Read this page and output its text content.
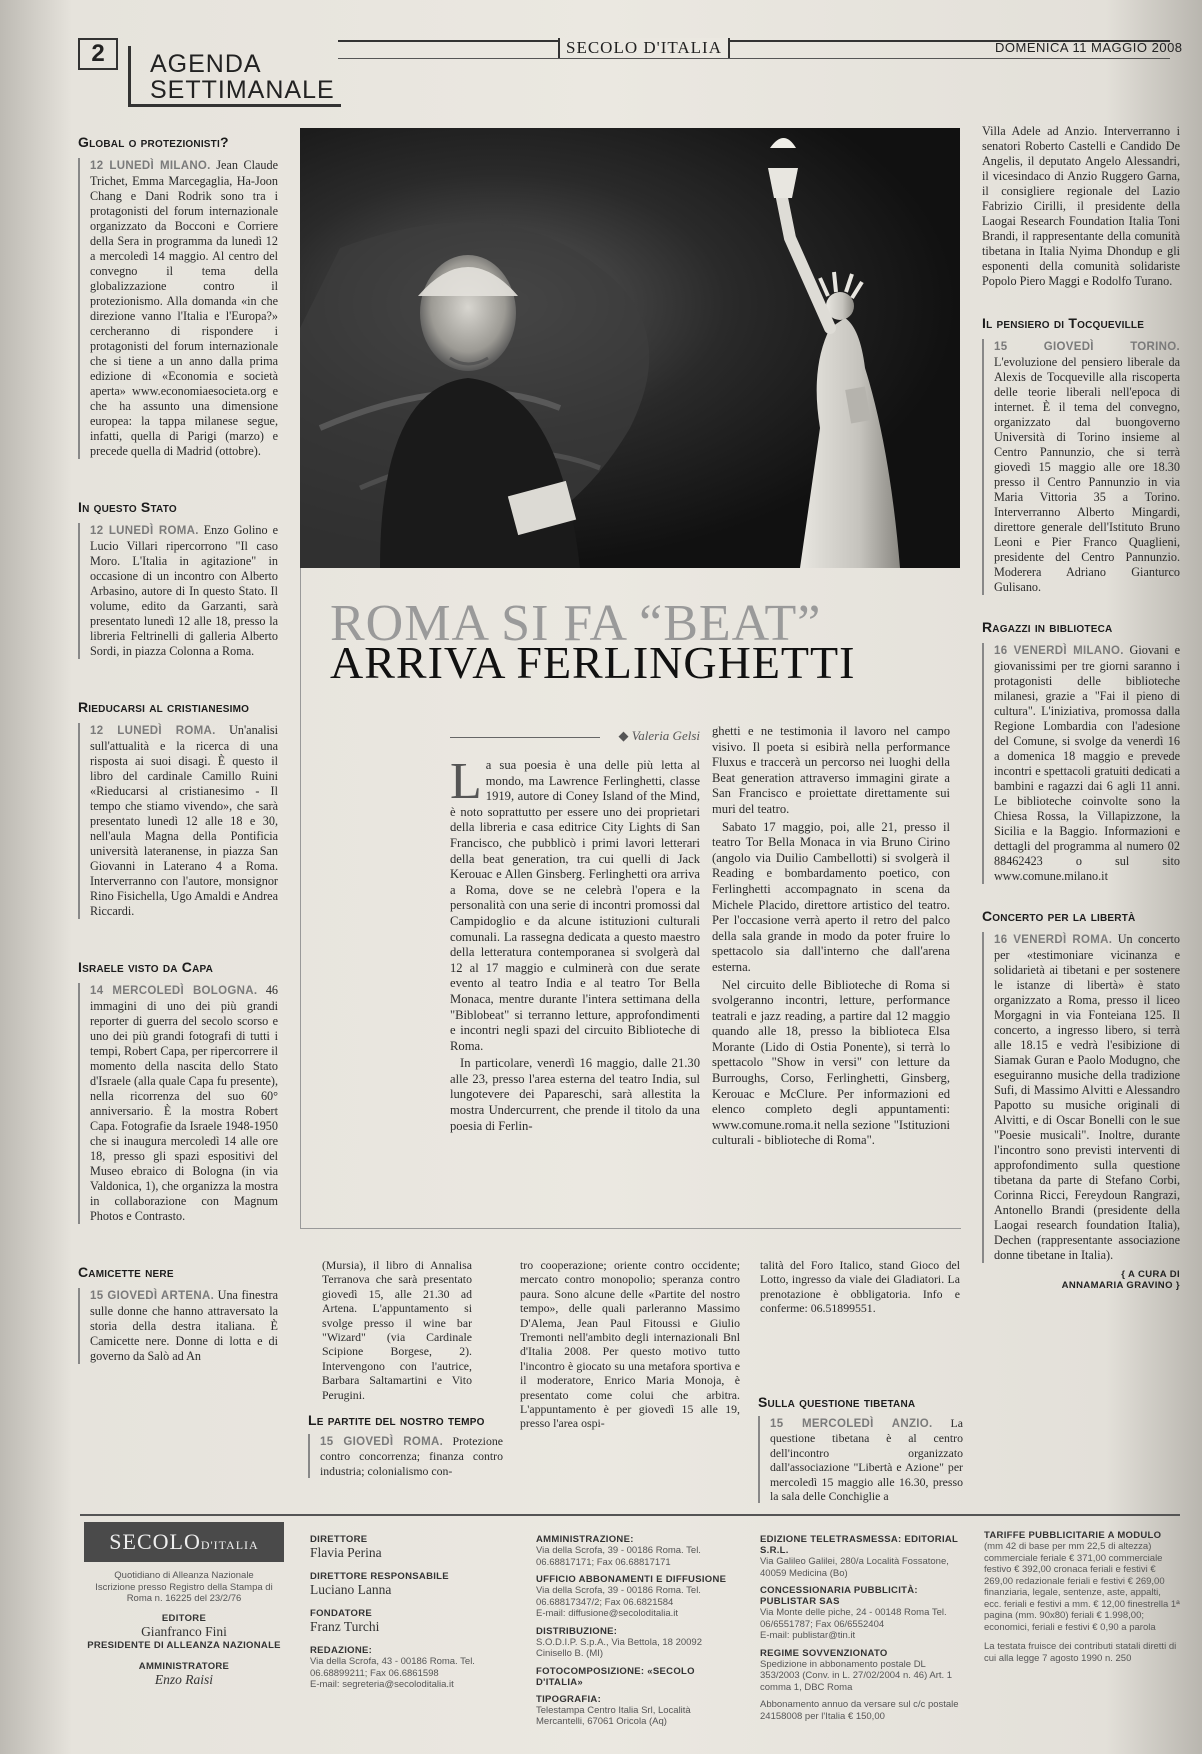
2	AGENDA
SETTIMANALE
SECOLO D'ITALIA	DOMENICA 11 MAGGIO 2008
Global o protezionisti?

12 LUNEDÌ MILANO. Jean Claude Trichet, Emma Marcegaglia, Ha-Joon Chang e Dani Rodrik sono tra i protagonisti del forum internazionale organizzato da Bocconi e Corriere della Sera in programma da lunedì 12 a mercoledì 14 maggio. Al centro del convegno il tema della globalizzazione contro il protezionismo. Alla domanda «in che direzione vanno l'Italia e l'Europa?» cercheranno di rispondere i protagonisti del forum internazionale che si tiene a un anno dalla prima edizione di «Economia e società aperta» www.economiaesocieta.org e che ha assunto una dimensione europea: la tappa milanese segue, infatti, quella di Parigi (marzo) e precede quella di Madrid (ottobre).

In questo Stato

12 LUNEDÌ ROMA. Enzo Golino e Lucio Villari ripercorrono "Il caso Moro. L'Italia in agitazione" in occasione di un incontro con Alberto Arbasino, autore di In questo Stato. Il volume, edito da Garzanti, sarà presentato lunedì 12 alle 18, presso la libreria Feltrinelli di galleria Alberto Sordi, in piazza Colonna a Roma.

Rieducarsi al cristianesimo

12 LUNEDÌ ROMA. Un'analisi sull'attualità e la ricerca di una risposta ai suoi disagi. È questo il libro del cardinale Camillo Ruini «Rieducarsi al cristianesimo - Il tempo che stiamo vivendo», che sarà presentato lunedì 12 alle 18 e 30, nell'aula Magna della Pontificia università lateranense, in piazza San Giovanni in Laterano 4 a Roma. Interverranno con l'autore, monsignor Rino Fisichella, Ugo Amaldi e Andrea Riccardi.

Israele visto da Capa

14 MERCOLEDÌ BOLOGNA. 46 immagini di uno dei più grandi reporter di guerra del secolo scorso e uno dei più grandi fotografi di tutti i tempi, Robert Capa, per ripercorrere il momento della nascita dello Stato d'Israele (alla quale Capa fu presente), nella ricorrenza del suo 60° anniversario. È la mostra Robert Capa. Fotografie da Israele 1948-1950 che si inaugura mercoledì 14 alle ore 18, presso gli spazi espositivi del Museo ebraico di Bologna (in via Valdonica, 1), che organizza la mostra in collaborazione con Magnum Photos e Contrasto.

Camicette nere

15 GIOVEDÌ ARTENA. Una finestra sulle donne che hanno attraversato la storia della destra italiana. È Camicette nere. Donne di lotta e di governo da Salò ad An

ROMA SI FA “BEAT”
ARRIVA FERLINGHETTI
◆ Valeria Gelsi

La sua poesia è una delle più letta al mondo, ma Lawrence Ferlinghetti, classe 1919, autore di Coney Island of the Mind, è noto soprattutto per essere uno dei proprietari della libreria e casa editrice City Lights di San Francisco, che pubblicò i primi lavori letterari della beat generation, tra cui quelli di Jack Kerouac e Allen Ginsberg. Ferlinghetti ora arriva a Roma, dove se ne celebrà l'opera e la personalità con una serie di incontri promossi dal Campidoglio e da alcune istituzioni culturali comunali. La rassegna dedicata a questo maestro della letteratura contemporanea si svolgerà dal 12 al 17 maggio e culminerà con due serate evento al teatro India e al teatro Tor Bella Monaca, mentre durante l'intera settimana della "Biblobeat" si terranno letture, approfondimenti e incontri negli spazi del circuito Biblioteche di Roma.

In particolare, venerdì 16 maggio, dalle 21.30 alle 23, presso l'area esterna del teatro India, sul lungotevere dei Papareschi, sarà allestita la mostra Undercurrent, che prende il titolo da una poesia di Ferlin-

ghetti e ne testimonia il lavoro nel campo visivo. Il poeta si esibirà nella performance Fluxus e traccerà un percorso nei luoghi della Beat generation attraverso immagini girate a San Francisco e proiettate direttamente sui muri del teatro.

Sabato 17 maggio, poi, alle 21, presso il teatro Tor Bella Monaca in via Bruno Cirino (angolo via Duilio Cambellotti) si svolgerà il Reading e bombardamento poetico, con Ferlinghetti accompagnato in scena da Michele Placido, direttore artistico del teatro. Per l'occasione verrà aperto il retro del palco della sala grande in modo da poter fruire lo spettacolo sia dall'interno che dall'arena esterna.

Nel circuito delle Biblioteche di Roma si svolgeranno incontri, letture, performance teatrali e jazz reading, a partire dal 12 maggio quando alle 18, presso la biblioteca Elsa Morante (Lido di Ostia Ponente), si terrà lo spettacolo "Show in versi" con letture da Burroughs, Corso, Ferlinghetti, Ginsberg, Kerouac e McClure. Per informazioni ed elenco completo degli appuntamenti: www.comune.roma.it nella sezione "Istituzioni culturali - biblioteche di Roma".

Villa Adele ad Anzio. Interverranno i senatori Roberto Castelli e Candido De Angelis, il deputato Angelo Alessandri, il vicesindaco di Anzio Ruggero Garna, il consigliere regionale del Lazio Fabrizio Cirilli, il presidente della Laogai Research Foundation Italia Toni Brandi, il rappresentante della comunità tibetana in Italia Nyima Dhondup e gli esponenti della comunità solidariste Popolo Piero Maggi e Rodolfo Turano.

Il pensiero di Tocqueville

15 GIOVEDÌ TORINO. L'evoluzione del pensiero liberale da Alexis de Tocqueville alla riscoperta delle teorie liberali nell'epoca di internet. È il tema del convegno, organizzato dal buongoverno Università di Torino insieme al Centro Pannunzio, che si terrà giovedì 15 maggio alle ore 18.30 presso il Centro Pannunzio in via Maria Vittoria 35 a Torino. Interverranno Alberto Mingardi, direttore generale dell'Istituto Bruno Leoni e Pier Franco Quaglieni, presidente del Centro Pannunzio. Moderera Adriano Gianturco Gulisano.

Ragazzi in biblioteca

16 VENERDÌ MILANO. Giovani e giovanissimi per tre giorni saranno i protagonisti delle biblioteche milanesi, grazie a "Fai il pieno di cultura". L'iniziativa, promossa dalla Regione Lombardia con l'adesione del Comune, si svolge da venerdì 16 a domenica 18 maggio e prevede incontri e spettacoli gratuiti dedicati a bambini e ragazzi dai 6 agli 11 anni. Le biblioteche coinvolte sono la Chiesa Rossa, la Villapizzone, la Sicilia e la Baggio. Informazioni e dettagli del programma al numero 02 88462423 o sul sito www.comune.milano.it

Concerto per la libertà

16 VENERDÌ ROMA. Un concerto per «testimoniare vicinanza e solidarietà ai tibetani e per sostenere le istanze di libertà» è stato organizzato a Roma, presso il liceo Morgagni in via Fonteiana 125. Il concerto, a ingresso libero, si terrà alle 18.15 e vedrà l'esibizione di Siamak Guran e Paolo Modugno, che eseguiranno musiche della tradizione Sufi, di Massimo Alvitti e Alessandro Papotto su musiche originali di Alvitti, e di Oscar Bonelli con le sue "Poesie musicali". Inoltre, durante l'incontro sono previsti interventi di approfondimento sulla questione tibetana da parte di Stefano Corbi, Corinna Ricci, Fereydoun Rangrazi, Antonello Brandi (presidente della Laogai research foundation Italia), Dechen (rappresentante associazione donne tibetane in Italia).

{ A CURA DI
ANNAMARIA GRAVINO }

(Mursia), il libro di Annalisa Terranova che sarà presentato giovedì 15, alle 21.30 ad Artena. L'appuntamento si svolge presso il wine bar "Wizard" (via Cardinale Scipione Borgese, 2). Intervengono con l'autrice, Barbara Saltamartini e Vito Perugini.

Le partite del nostro tempo

15 GIOVEDÌ ROMA. Protezione contro concorrenza; finanza contro industria; colonialismo con-

tro cooperazione; oriente contro occidente; mercato contro monopolio; speranza contro paura. Sono alcune delle «Partite del nostro tempo», delle quali parleranno Massimo D'Alema, Jean Paul Fitoussi e Giulio Tremonti nell'ambito degli internazionali Bnl d'Italia 2008. Per questo motivo tutto l'incontro è giocato su una metafora sportiva e il moderatore, Enrico Maria Monoja, è presentato come colui che arbitra. L'appuntamento è per giovedì 15 alle 19, presso l'area ospi-

talità del Foro Italico, stand Gioco del Lotto, ingresso da viale dei Gladiatori. La prenotazione è obbligatoria. Info e conferme: 06.51899551.

Sulla questione tibetana

15 MERCOLEDÌ ANZIO. La questione tibetana è al centro dell'incontro organizzato dall'associazione "Libertà e Azione" per mercoledì 15 maggio alle 16.30, presso la sala delle Conchiglie a

SECOLOD'ITALIA
Quotidiano di Alleanza Nazionale
Iscrizione presso Registro della Stampa di Roma n. 16225 del 23/2/76
EDITORE
Gianfranco Fini
PRESIDENTE DI ALLEANZA NAZIONALE
AMMINISTRATORE
Enzo Raisi
DIRETTORE
Flavia Perina
DIRETTORE RESPONSABILE
Luciano Lanna
FONDATORE
Franz Turchi
REDAZIONE:
Via della Scrofa, 43 - 00186 Roma. Tel. 06.68899211; Fax 06.6861598
E-mail: segreteria@secoloditalia.it
AMMINISTRAZIONE:
Via della Scrofa, 39 - 00186 Roma. Tel. 06.68817171; Fax 06.68817171
UFFICIO ABBONAMENTI E DIFFUSIONE
Via della Scrofa, 39 - 00186 Roma. Tel. 06.68817347/2; Fax 06.6821584
E-mail: diffusione@secoloditalia.it
DISTRIBUZIONE:
S.O.D.I.P. S.p.A., Via Bettola, 18 20092 Cinisello B. (MI)
FOTOCOMPOSIZIONE: «SECOLO D'ITALIA»
TIPOGRAFIA:
Telestampa Centro Italia Srl, Località Mercantelli, 67061 Oricola (Aq)
EDIZIONE TELETRASMESSA: EDITORIAL S.R.L.
Via Galileo Galilei, 280/a Località Fossatone, 40059 Medicina (Bo)
CONCESSIONARIA PUBBLICITÀ: PUBLISTAR SAS
Via Monte delle piche, 24 - 00148 Roma Tel. 06/6551787; Fax 06/6552404
E-mail: publistar@tin.it
REGIME SOVVENZIONATO
Spedizione in abbonamento postale DL 353/2003 (Conv. in L. 27/02/2004 n. 46) Art. 1 comma 1, DBC Roma
Abbonamento annuo da versare sul c/c postale 24158008 per l'Italia € 150,00
TARIFFE PUBBLICITARIE A MODULO
(mm 42 di base per mm 22,5 di altezza) commerciale feriale € 371,00 commerciale festivo € 392,00 cronaca feriali e festivi € 269,00 redazionale feriali e festivi € 269,00 finanziaria, legale, sentenze, aste, appalti, ecc. feriali e festivi a mm. € 12,00 finestrella 1ª pagina (mm. 90x80) feriali € 1.998,00; economici, feriali e festivi € 0,90 a parola
La testata fruisce dei contributi statali diretti di cui alla legge 7 agosto 1990 n. 250
